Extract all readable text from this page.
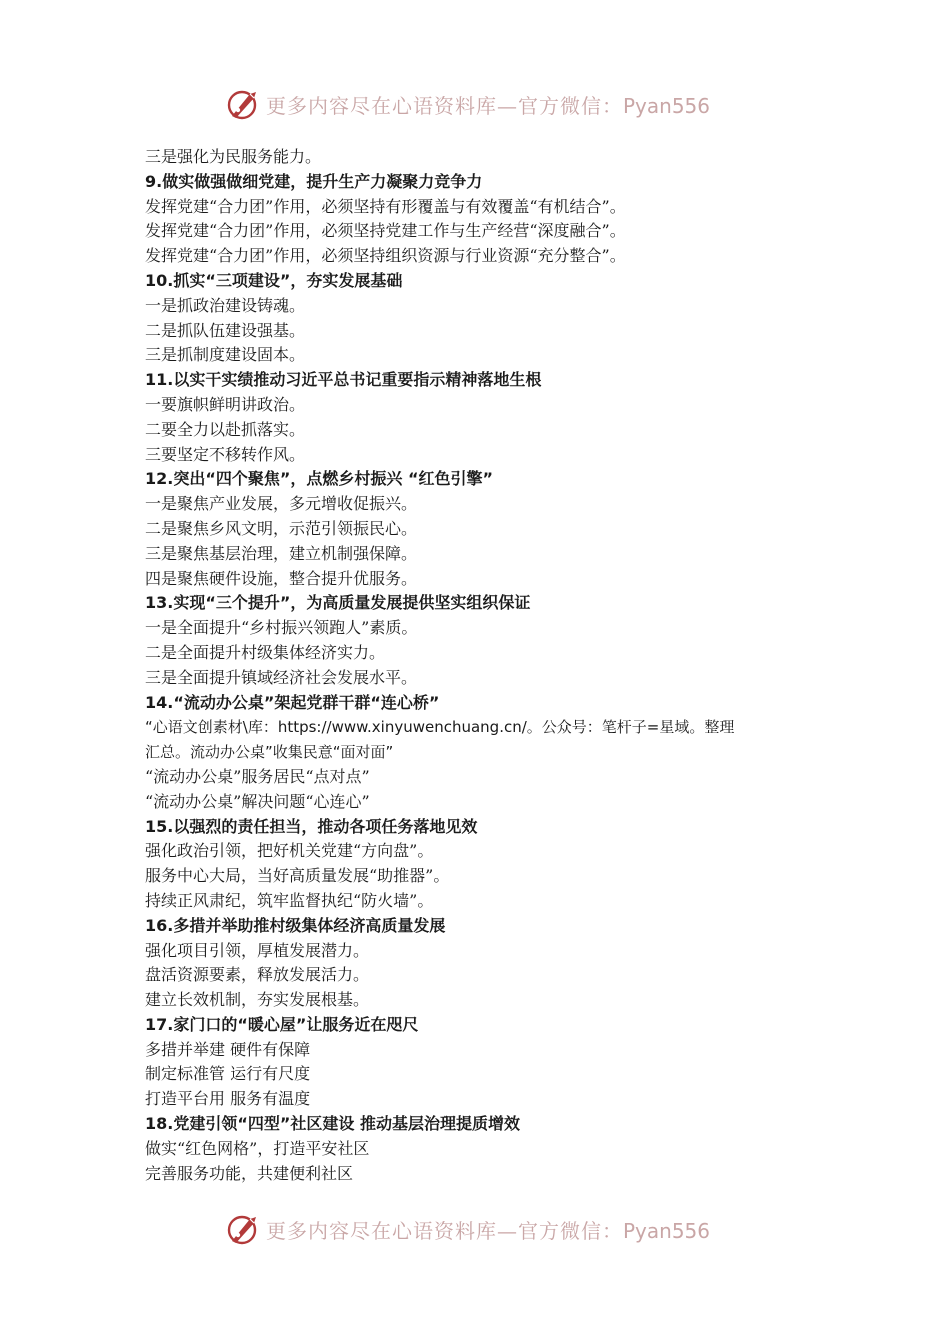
更多内容尽在心语资料库—官方微信：Pyan556
三是强化为民服务能力。
9.做实做强做细党建，提升生产力凝聚力竞争力
发挥党建“合力团”作用，必须坚持有形覆盖与有效覆盖“有机结合”。
发挥党建“合力团”作用，必须坚持党建工作与生产经营“深度融合”。
发挥党建“合力团”作用，必须坚持组织资源与行业资源“充分整合”。
10.抓实“三项建设”，夯实发展基础
一是抓政治建设铸魂。
二是抓队伍建设强基。
三是抓制度建设固本。
11.以实干实绩推动习近平总书记重要指示精神落地生根
一要旗帜鲜明讲政治。
二要全力以赴抓落实。
三要坚定不移转作风。
12.突出“四个聚焦”，点燃乡村振兴 “红色引擎”
一是聚焦产业发展，多元增收促振兴。
二是聚焦乡风文明，示范引领振民心。
三是聚焦基层治理，建立机制强保障。
四是聚焦硬件设施，整合提升优服务。
13.实现“三个提升”，为高质量发展提供坚实组织保证
一是全面提升“乡村振兴领跑人”素质。
二是全面提升村级集体经济实力。
三是全面提升镇域经济社会发展水平。
14.“流动办公桌”架起党群干群“连心桥”
“心语文创素材\库：https://www.xinyuwenchuang.cn/。公众号：笔杆子=星域。整理
汇总。流动办公桌”收集民意“面对面”
“流动办公桌”服务居民“点对点”
“流动办公桌”解决问题“心连心”
15.以强烈的责任担当，推动各项任务落地见效
强化政治引领，把好机关党建“方向盘”。
服务中心大局，当好高质量发展“助推器”。
持续正风肃纪，筑牢监督执纪“防火墙”。
16.多措并举助推村级集体经济高质量发展
强化项目引领，厚植发展潜力。
盘活资源要素，释放发展活力。
建立长效机制，夯实发展根基。
17.家门口的“暖心屋”让服务近在咫尺
多措并举建 硬件有保障
制定标准管 运行有尺度
打造平台用 服务有温度
18.党建引领“四型”社区建设 推动基层治理提质增效
做实“红色网格”，打造平安社区
完善服务功能，共建便利社区
更多内容尽在心语资料库—官方微信：Pyan556
